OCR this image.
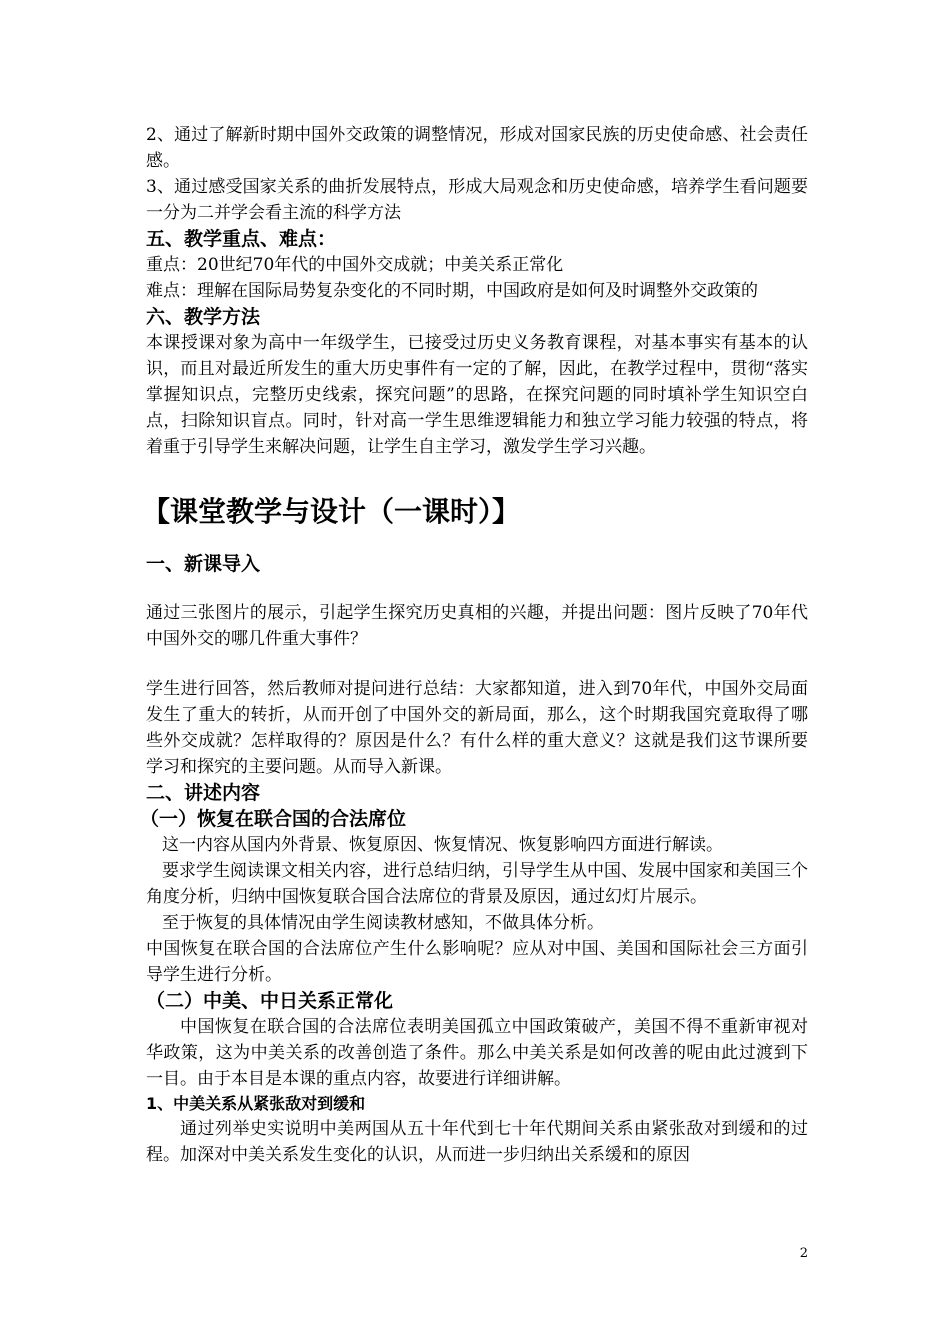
2、通过了解新时期中国外交政策的调整情况，形成对国家民族的历史使命感、社会责任感。

3、通过感受国家关系的曲折发展特点，形成大局观念和历史使命感，培养学生看问题要 一分为二并学会看主流的科学方法

五、教学重点、难点：

重点：20世纪70年代的中国外交成就；中美关系正常化

难点：理解在国际局势复杂变化的不同时期，中国政府是如何及时调整外交政策的

六、教学方法

本课授课对象为高中一年级学生，已接受过历史义务教育课程，对基本事实有基本的认识，而且对最近所发生的重大历史事件有一定的了解，因此，在教学过程中，贯彻“落实掌握知识点，完整历史线索，探究问题”的思路，在探究问题的同时填补学生知识空白点，扫除知识盲点。同时，针对高一学生思维逻辑能力和独立学习能力较强的特点，将着重于引导学生来解决问题，让学生自主学习，激发学生学习兴趣。

【课堂教学与设计（一课时）】

一、新课导入

通过三张图片的展示，引起学生探究历史真相的兴趣，并提出问题：图片反映了70年代中国外交的哪几件重大事件？

学生进行回答，然后教师对提问进行总结：大家都知道，进入到70年代，中国外交局面发生了重大的转折，从而开创了中国外交的新局面，那么，这个时期我国究竟取得了哪些外交成就？怎样取得的？原因是什么？有什么样的重大意义？这就是我们这节课所要学习和探究的主要问题。从而导入新课。

二、讲述内容

（一）恢复在联合国的合法席位

这一内容从国内外背景、恢复原因、恢复情况、恢复影响四方面进行解读。

要求学生阅读课文相关内容，进行总结归纳，引导学生从中国、发展中国家和美国三个角度分析，归纳中国恢复联合国合法席位的背景及原因，通过幻灯片展示。

至于恢复的具体情况由学生阅读教材感知，不做具体分析。

中国恢复在联合国的合法席位产生什么影响呢？应从对中国、美国和国际社会三方面引导学生进行分析。

（二）中美、中日关系正常化

中国恢复在联合国的合法席位表明美国孤立中国政策破产，美国不得不重新审视对华政策，这为中美关系的改善创造了条件。那么中美关系是如何改善的呢由此过渡到下一目。由于本目是本课的重点内容，故要进行详细讲解。

1、中美关系从紧张敌对到缓和

通过列举史实说明中美两国从五十年代到七十年代期间关系由紧张敌对到缓和的过程。加深对中美关系发生变化的认识，从而进一步归纳出关系缓和的原因

2
